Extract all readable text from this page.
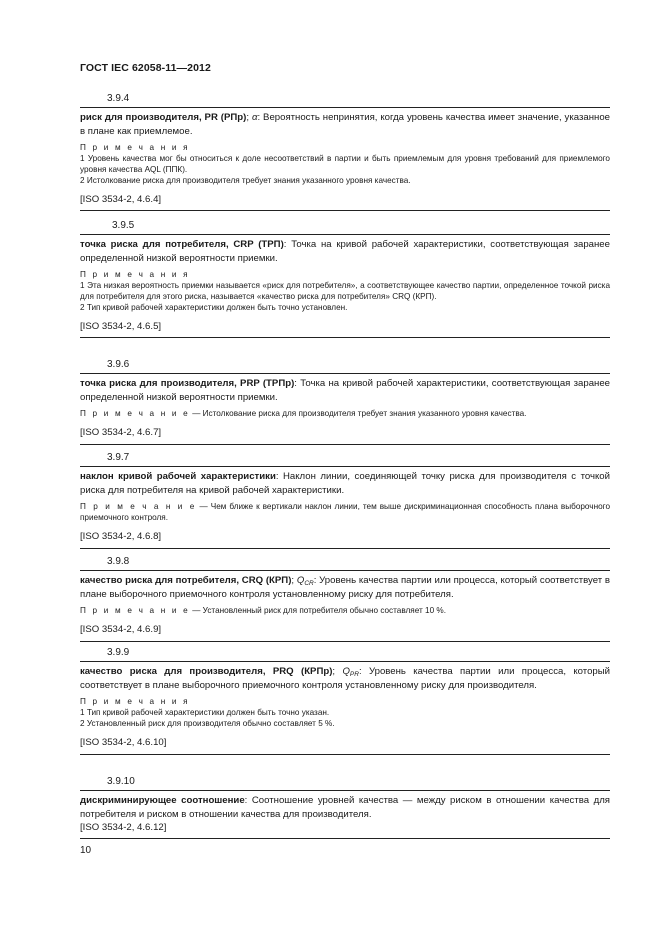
ГОСТ IEC 62058-11—2012
3.9.4

риск для производителя, PR (РПр); α: Вероятность непринятия, когда уровень качества имеет значение, указанное в плане как приемлемое.

П р и м е ч а н и я
1 Уровень качества мог бы относиться к доле несоответствий в партии и быть приемлемым для уровня требований для приемлемого уровня качества AQL (ППК).
2 Истолкование риска для производителя требует знания указанного уровня качества.

[ISO 3534-2, 4.6.4]

3.9.5

точка риска для потребителя, CRP (ТРП): Точка на кривой рабочей характеристики, соответствующая заранее определенной низкой вероятности приемки.

П р и м е ч а н и я
1 Эта низкая вероятность приемки называется «риск для потребителя», а соответствующее качество партии, определенное точкой риска для потребителя для этого риска, называется «качество риска для потребителя» CRQ (КРП).
2 Тип кривой рабочей характеристики должен быть точно установлен.

[ISO 3534-2, 4.6.5]

3.9.6

точка риска для производителя, PRP (ТРПр): Точка на кривой рабочей характеристики, соответствующая заранее определенной низкой вероятности приемки.

П р и м е ч а н и е — Истолкование риска для производителя требует знания указанного уровня качества.

[ISO 3534-2, 4.6.7]

3.9.7

наклон кривой рабочей характеристики: Наклон линии, соединяющей точку риска для производителя с точкой риска для потребителя на кривой рабочей характеристики.

П р и м е ч а н и е — Чем ближе к вертикали наклон линии, тем выше дискриминационная способность плана выборочного приемочного контроля.

[ISO 3534-2, 4.6.8]

3.9.8

качество риска для потребителя, CRQ (КРП); $Q_{CR}$: Уровень качества партии или процесса, который соответствует в плане выборочного приемочного контроля установленному риску для потребителя.

П р и м е ч а н и е — Установленный риск для потребителя обычно составляет 10 %.

[ISO 3534-2, 4.6.9]

3.9.9

качество риска для производителя, PRQ (КРПр); $Q_{PR}$: Уровень качества партии или процесса, который соответствует в плане выборочного приемочного контроля установленному риску для производителя.

П р и м е ч а н и я
1 Тип кривой рабочей характеристики должен быть точно указан.
2 Установленный риск для производителя обычно составляет 5 %.

[ISO 3534-2, 4.6.10]

3.9.10

дискриминирующее соотношение: Соотношение уровней качества — между риском в отношении качества для потребителя и риском в отношении качества для производителя.

[ISO 3534-2, 4.6.12]

10
